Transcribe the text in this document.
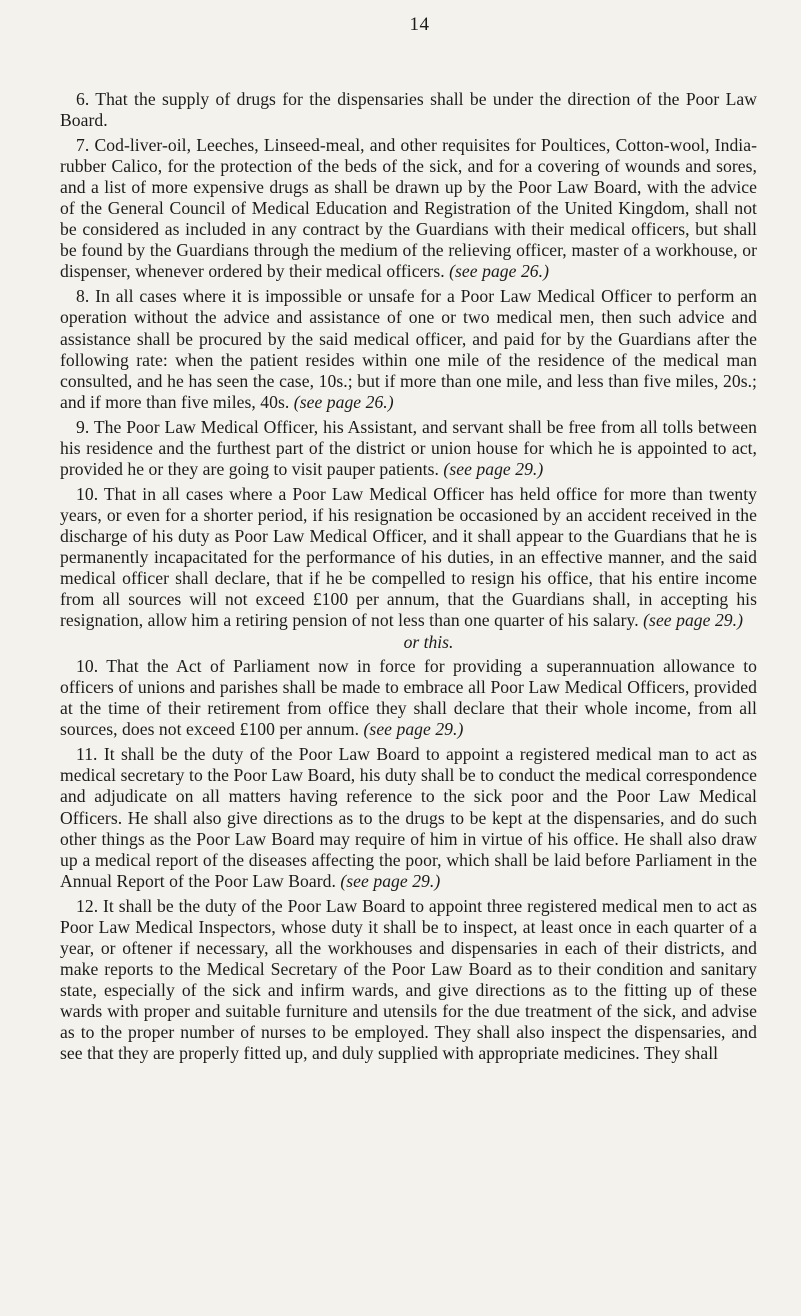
14

6. That the supply of drugs for the dispensaries shall be under the direction of the Poor Law Board.

7. Cod-liver-oil, Leeches, Linseed-meal, and other requisites for Poultices, Cotton-wool, India-rubber Calico, for the protection of the beds of the sick, and for a covering of wounds and sores, and a list of more expensive drugs as shall be drawn up by the Poor Law Board, with the advice of the General Council of Medical Education and Registration of the United Kingdom, shall not be considered as included in any contract by the Guardians with their medical officers, but shall be found by the Guardians through the medium of the relieving officer, master of a workhouse, or dispenser, whenever ordered by their medical officers. (see page 26.)

8. In all cases where it is impossible or unsafe for a Poor Law Medical Officer to perform an operation without the advice and assistance of one or two medical men, then such advice and assistance shall be procured by the said medical officer, and paid for by the Guardians after the following rate: when the patient resides within one mile of the residence of the medical man consulted, and he has seen the case, 10s.; but if more than one mile, and less than five miles, 20s.; and if more than five miles, 40s. (see page 26.)

9. The Poor Law Medical Officer, his Assistant, and servant shall be free from all tolls between his residence and the furthest part of the district or union house for which he is appointed to act, provided he or they are going to visit pauper patients. (see page 29.)

10. That in all cases where a Poor Law Medical Officer has held office for more than twenty years, or even for a shorter period, if his resignation be occasioned by an accident received in the discharge of his duty as Poor Law Medical Officer, and it shall appear to the Guardians that he is permanently incapacitated for the performance of his duties, in an effective manner, and the said medical officer shall declare, that if he be compelled to resign his office, that his entire income from all sources will not exceed £100 per annum, that the Guardians shall, in accepting his resignation, allow him a retiring pension of not less than one quarter of his salary. (see page 29.)

or this.

10. That the Act of Parliament now in force for providing a superannuation allowance to officers of unions and parishes shall be made to embrace all Poor Law Medical Officers, provided at the time of their retirement from office they shall declare that their whole income, from all sources, does not exceed £100 per annum. (see page 29.)

11. It shall be the duty of the Poor Law Board to appoint a registered medical man to act as medical secretary to the Poor Law Board, his duty shall be to conduct the medical correspondence and adjudicate on all matters having reference to the sick poor and the Poor Law Medical Officers. He shall also give directions as to the drugs to be kept at the dispensaries, and do such other things as the Poor Law Board may require of him in virtue of his office. He shall also draw up a medical report of the diseases affecting the poor, which shall be laid before Parliament in the Annual Report of the Poor Law Board. (see page 29.)

12. It shall be the duty of the Poor Law Board to appoint three registered medical men to act as Poor Law Medical Inspectors, whose duty it shall be to inspect, at least once in each quarter of a year, or oftener if necessary, all the workhouses and dispensaries in each of their districts, and make reports to the Medical Secretary of the Poor Law Board as to their condition and sanitary state, especially of the sick and infirm wards, and give directions as to the fitting up of these wards with proper and suitable furniture and utensils for the due treatment of the sick, and advise as to the proper number of nurses to be employed. They shall also inspect the dispensaries, and see that they are properly fitted up, and duly supplied with appropriate medicines. They shall
